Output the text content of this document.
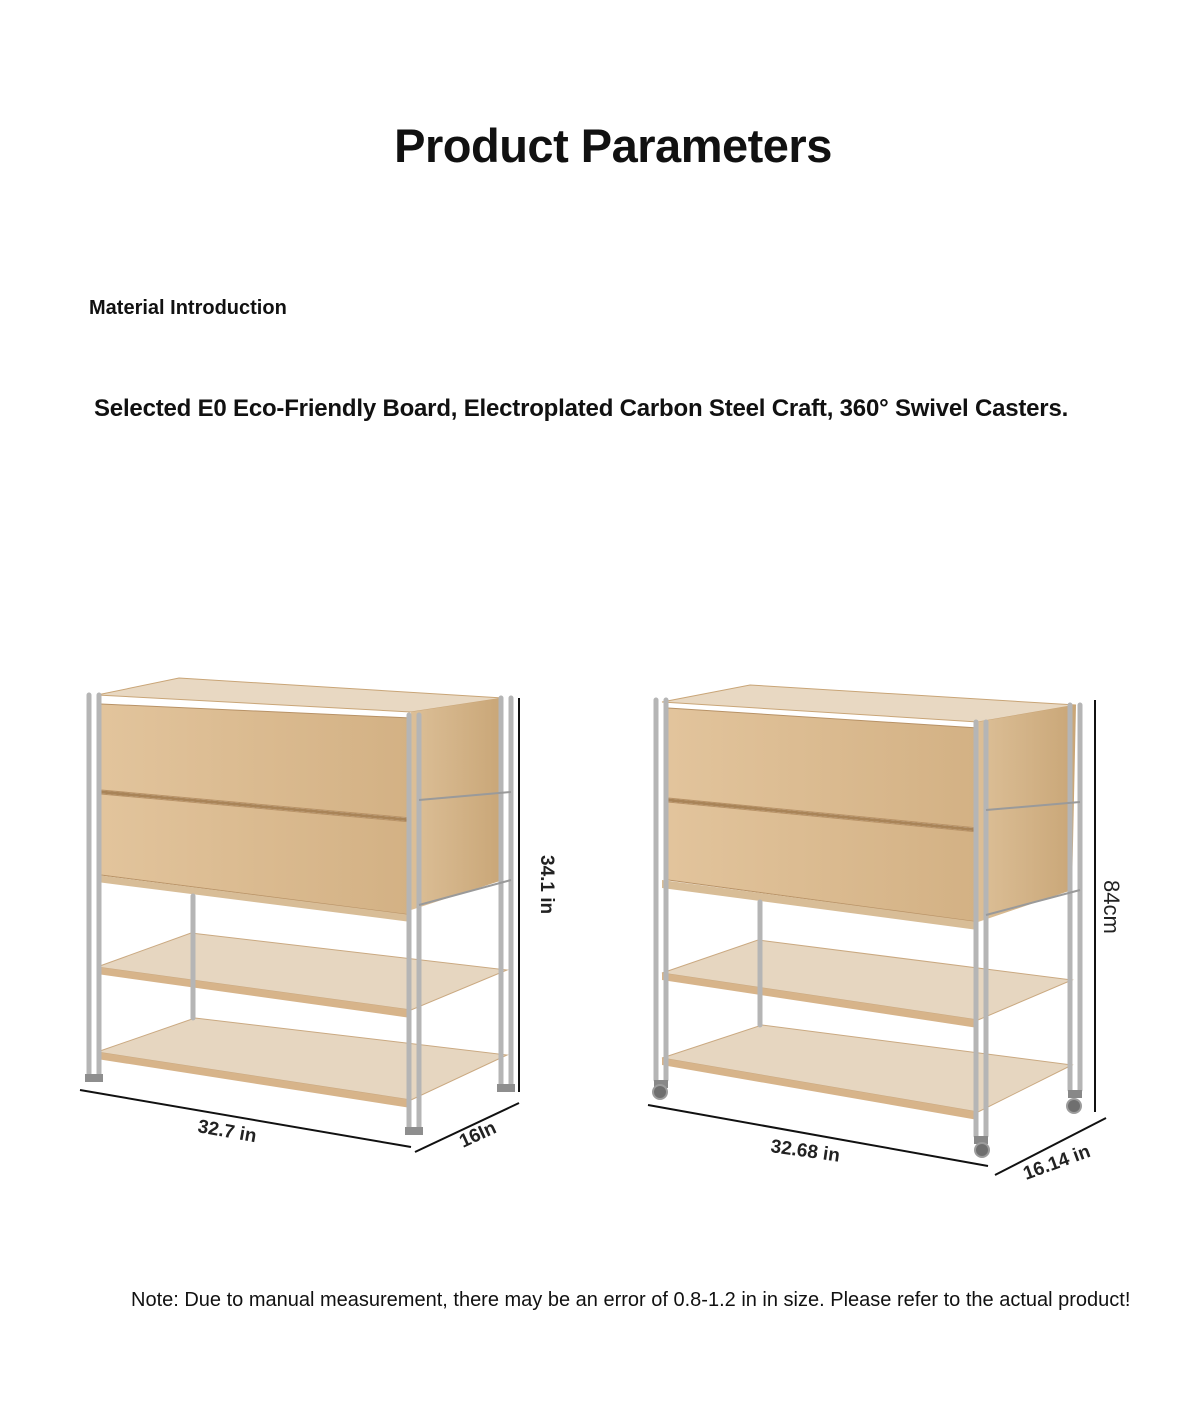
Product Parameters
Material Introduction

Selected E0 Eco-Friendly Board, Electroplated Carbon Steel Craft, 360° Swivel Casters.

34.1 in
32.7 in	16In
84cm
32.68 in	16.14 in

Note: Due to manual measurement, there may be an error of 0.8-1.2 in in size. Please refer to the actual product!
